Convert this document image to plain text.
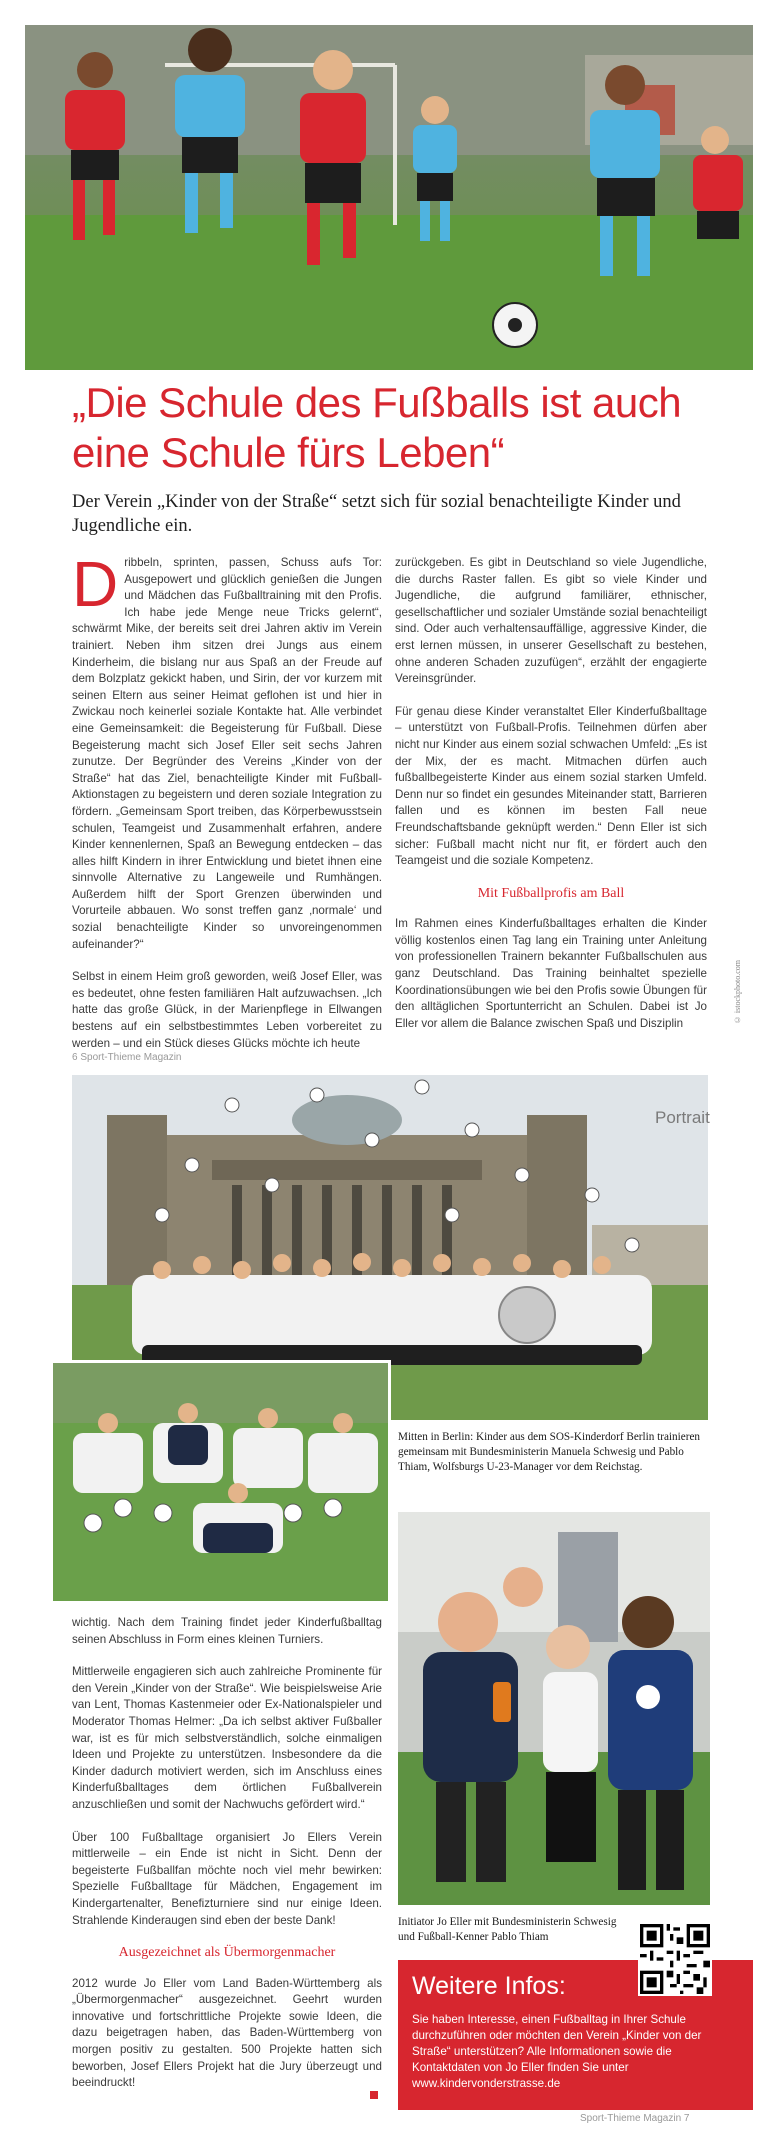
„Die Schule des Fußballs ist auch eine Schule fürs Leben“

Der Verein „Kinder von der Straße“ setzt sich für sozial benachteiligte Kinder und Jugendliche ein.

Dribbeln, sprinten, passen, Schuss aufs Tor: Ausgepowert und glücklich genießen die Jungen und Mädchen das Fußballtraining mit den Profis. Ich habe jede Menge neue Tricks gelernt“, schwärmt Mike, der bereits seit drei Jahren aktiv im Verein trainiert. Neben ihm sitzen drei Jungs aus einem Kinderheim, die bislang nur aus Spaß an der Freude auf dem Bolzplatz gekickt haben, und Sirin, der vor kurzem mit seinen Eltern aus seiner Heimat geflohen ist und hier in Zwickau noch keinerlei soziale Kontakte hat. Alle verbindet eine Gemeinsamkeit: die Begeisterung für Fußball. Diese Begeisterung macht sich Josef Eller seit sechs Jahren zunutze. Der Begründer des Vereins „Kinder von der Straße“ hat das Ziel, benachteiligte Kinder mit Fußball-Aktionstagen zu begeistern und deren soziale Integration zu fördern. „Gemeinsam Sport treiben, das Körperbewusstsein schulen, Teamgeist und Zusammenhalt erfahren, andere Kinder kennenlernen, Spaß an Bewegung entdecken – das alles hilft Kindern in ihrer Entwicklung und bietet ihnen eine sinnvolle Alternative zu Langeweile und Rumhängen. Außerdem hilft der Sport Grenzen überwinden und Vorurteile abbauen. Wo sonst treffen ganz ‚normale‘ und sozial benachteiligte Kinder so unvoreingenommen aufeinander?“

Selbst in einem Heim groß geworden, weiß Josef Eller, was es bedeutet, ohne festen familiären Halt aufzuwachsen. „Ich hatte das große Glück, in der Marienpflege in Ellwangen bestens auf ein selbstbestimmtes Leben vorbereitet zu werden – und ein Stück dieses Glücks möchte ich heute

zurückgeben. Es gibt in Deutschland so viele Jugendliche, die durchs Raster fallen. Es gibt so viele Kinder und Jugendliche, die aufgrund familiärer, ethnischer, gesellschaftlicher und sozialer Umstände sozial benachteiligt sind. Oder auch verhaltensauffällige, aggressive Kinder, die erst lernen müssen, in unserer Gesellschaft zu bestehen, ohne anderen Schaden zuzufügen“, erzählt der engagierte Vereinsgründer.

Für genau diese Kinder veranstaltet Eller Kinderfußballtage – unterstützt von Fußball-Profis. Teilnehmen dürfen aber nicht nur Kinder aus einem sozial schwachen Umfeld: „Es ist der Mix, der es macht. Mitmachen dürfen auch fußballbegeisterte Kinder aus einem sozial starken Umfeld. Denn nur so findet ein gesundes Miteinander statt, Barrieren fallen und es können im besten Fall neue Freundschaftsbande geknüpft werden.“ Denn Eller ist sich sicher: Fußball macht nicht nur fit, er fördert auch den Teamgeist und die soziale Kompetenz.

Mit Fußballprofis am Ball

Im Rahmen eines Kinderfußballtages erhalten die Kinder völlig kostenlos einen Tag lang ein Training unter Anleitung von professionellen Trainern bekannter Fußballschulen aus ganz Deutschland. Das Training beinhaltet spezielle Koordinationsübungen wie bei den Profis sowie Übungen für den alltäglichen Sportunterricht an Schulen. Dabei ist Jo Eller vor allem die Balance zwischen Spaß und Disziplin	© istockphoto.com
6 Sport-Thieme Magazin
Portrait
Mitten in Berlin: Kinder aus dem SOS-Kinderdorf Berlin trainieren gemeinsam mit Bundesministerin Manuela Schwesig und Pablo Thiam, Wolfsburgs U-23-Manager vor dem Reichstag.

wichtig. Nach dem Training findet jeder Kinderfußballtag seinen Abschluss in Form eines kleinen Turniers.

Mittlerweile engagieren sich auch zahlreiche Prominente für den Verein „Kinder von der Straße“. Wie beispielsweise Arie van Lent, Thomas Kastenmeier oder Ex-Nationalspieler und Moderator Thomas Helmer: „Da ich selbst aktiver Fußballer war, ist es für mich selbstverständlich, solche einmaligen Ideen und Projekte zu unterstützen. Insbesondere da die Kinder dadurch motiviert werden, sich im Anschluss eines Kinderfußballtages dem örtlichen Fußballverein anzuschließen und somit der Nachwuchs gefördert wird.“

Über 100 Fußballtage organisiert Jo Ellers Verein mittlerweile – ein Ende ist nicht in Sicht. Denn der begeisterte Fußballfan möchte noch viel mehr bewirken: Spezielle Fußballtage für Mädchen, Engagement im Kindergartenalter, Benefizturniere sind nur einige Ideen. Strahlende Kinderaugen sind eben der beste Dank!

Ausgezeichnet als Übermorgenmacher

2012 wurde Jo Eller vom Land Baden-Württemberg als „Übermorgenmacher“ ausgezeichnet. Geehrt wurden innovative und fortschrittliche Projekte sowie Ideen, die dazu beigetragen haben, das Baden-Württemberg von morgen positiv zu gestalten. 500 Projekte hatten sich beworben, Josef Ellers Projekt hat die Jury überzeugt und beeindruckt!

Initiator Jo Eller mit Bundesministerin Schwesig und Fußball-Kenner Pablo Thiam
Weitere Infos:
Sie haben Interesse, einen Fußballtag in Ihrer Schule durchzuführen oder möchten den Verein „Kinder von der Straße“ unterstützen? Alle Informationen sowie die Kontaktdaten von Jo Eller finden Sie unter www.kindervonderstrasse.de
Sport-Thieme Magazin 7
